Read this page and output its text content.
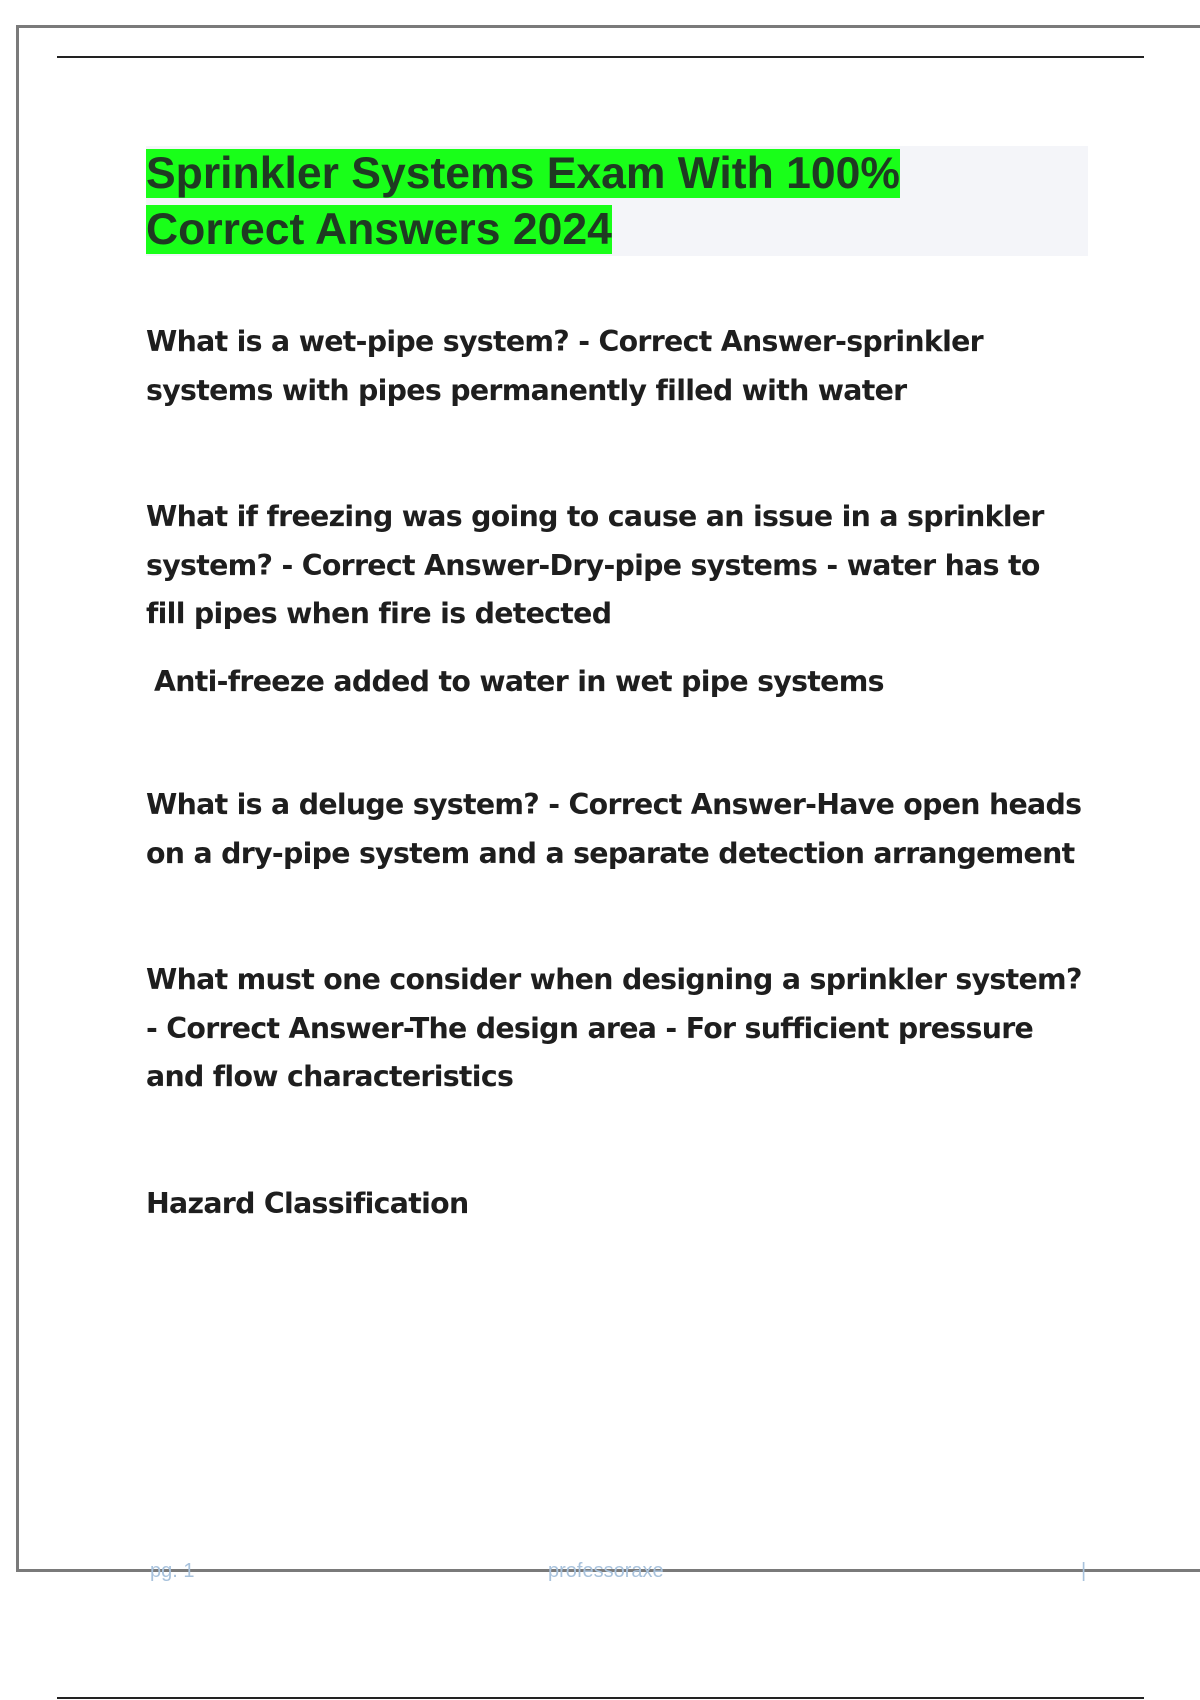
Sprinkler Systems Exam With 100%
Correct Answers 2024

What is a wet-pipe system? - Correct Answer-sprinkler systems with pipes permanently filled with water

What if freezing was going to cause an issue in a sprinkler system? - Correct Answer-Dry-pipe systems - water has to fill pipes when fire is detected

Anti-freeze added to water in wet pipe systems

What is a deluge system? - Correct Answer-Have open heads on a dry-pipe system and a separate detection arrangement

What must one consider when designing a sprinkler system? - Correct Answer-The design area - For sufficient pressure and flow characteristics

Hazard Classification

pg. 1	professoraxe	|
